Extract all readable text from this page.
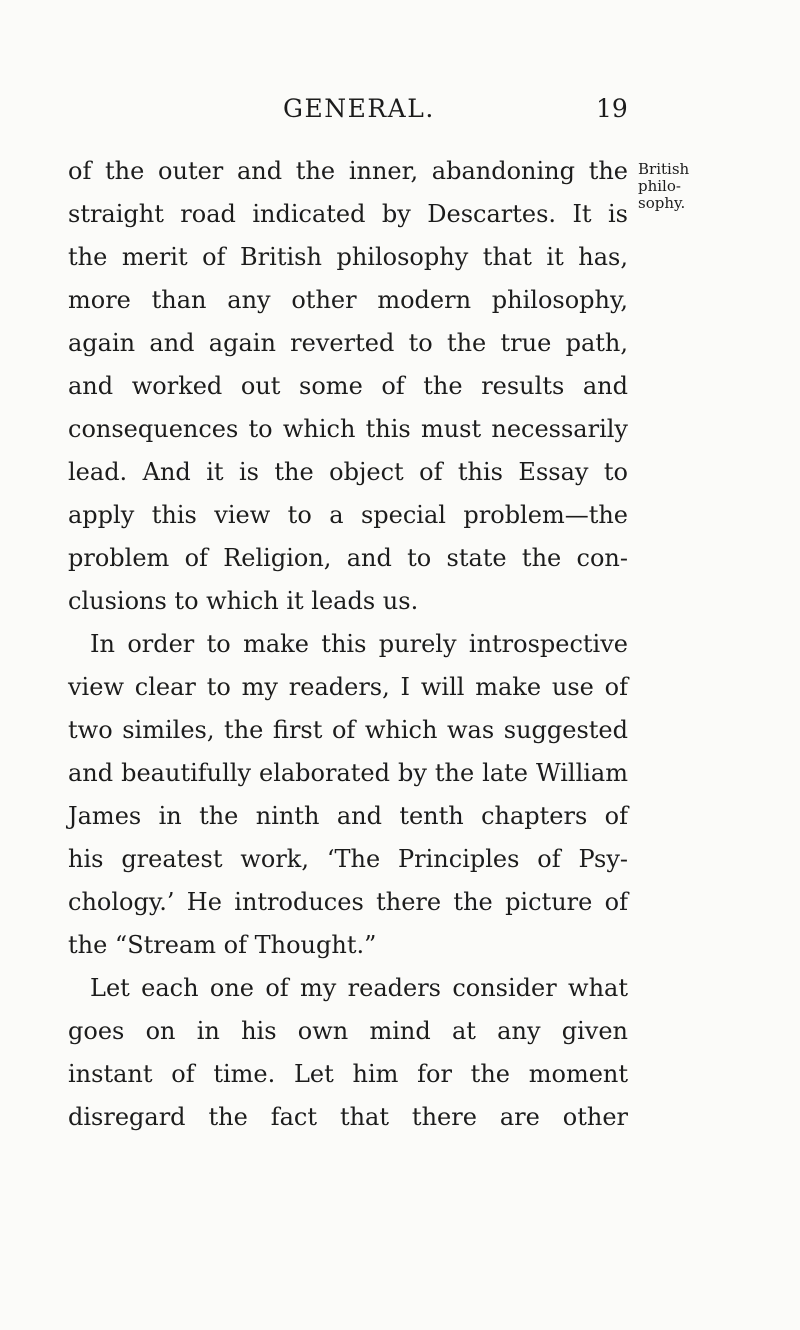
GENERAL.	19
British
philo-
sophy.
of the outer and the inner, abandoning the
straight road indicated by Descartes. It is
the merit of British philosophy that it has,
more than any other modern philosophy,
again and again reverted to the true path,
and worked out some of the results and
consequences to which this must necessarily
lead. And it is the object of this Essay to
apply this view to a special problem—the
problem of Religion, and to state the con-
clusions to which it leads us.
In order to make this purely introspective
view clear to my readers, I will make use of
two similes, the first of which was suggested
and beautifully elaborated by the late William
James in the ninth and tenth chapters of
his greatest work, ‘The Principles of Psy-
chology.’ He introduces there the picture of
the “Stream of Thought.”
Let each one of my readers consider what
goes on in his own mind at any given
instant of time. Let him for the moment
disregard the fact that there are other
